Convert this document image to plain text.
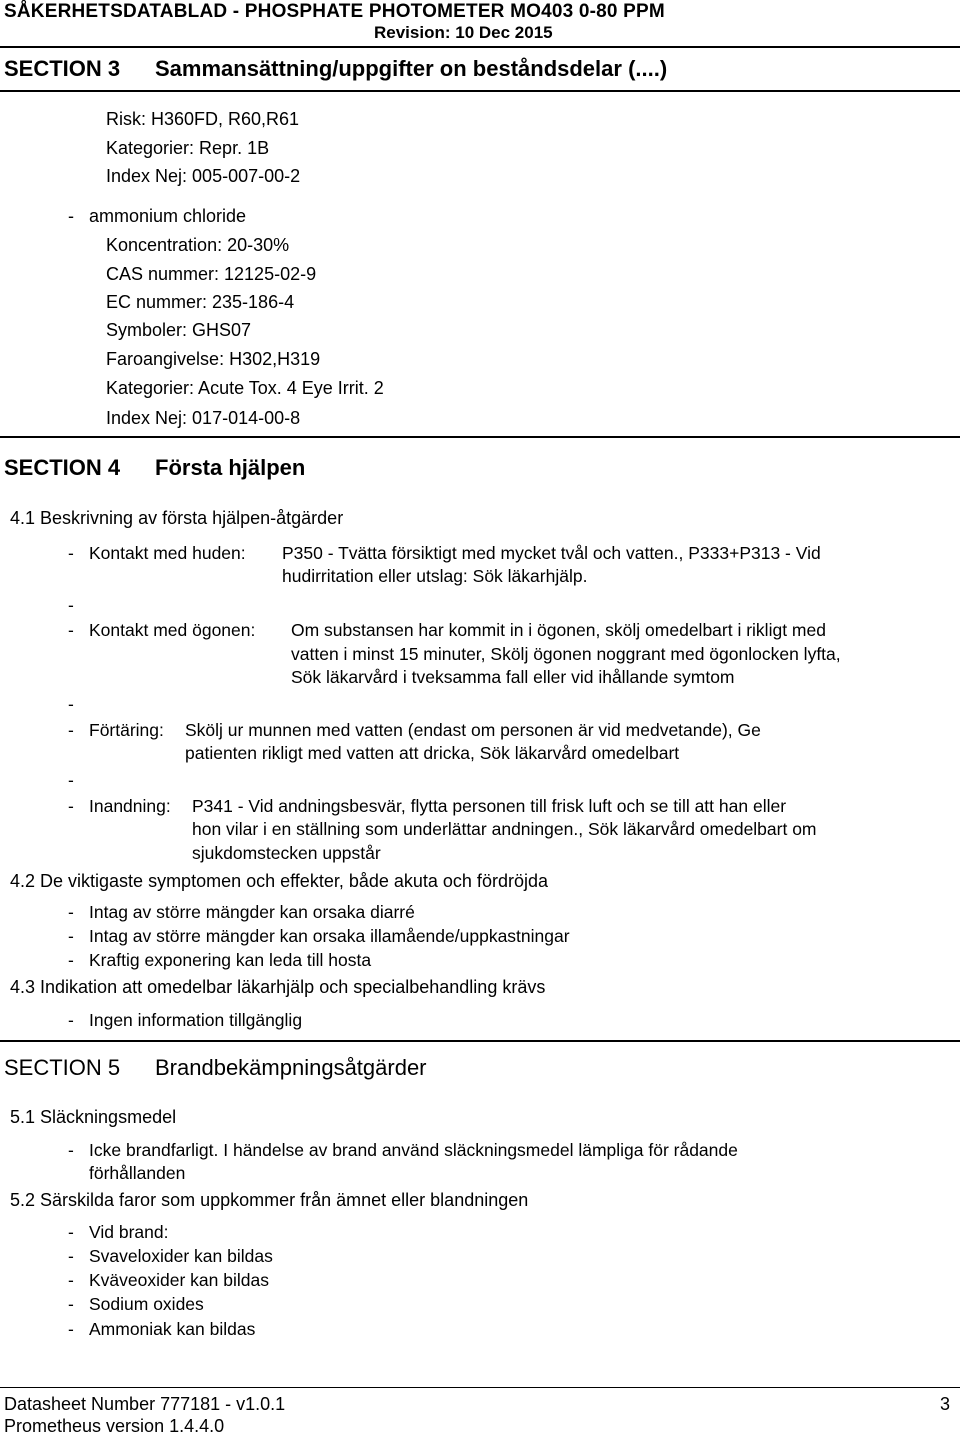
SÅKERHETSDATABLAD - PHOSPHATE PHOTOMETER MO403 0-80 PPM
Revision: 10 Dec 2015
SECTION 3 Sammansättning/uppgifter on beståndsdelar (....)
Risk: H360FD, R60,R61
Kategorier: Repr. 1B
Index Nej: 005-007-00-2
- ammonium chloride
Koncentration: 20-30%
CAS nummer: 12125-02-9
EC nummer: 235-186-4
Symboler: GHS07
Faroangivelse: H302,H319
Kategorier: Acute Tox. 4 Eye Irrit. 2
Index Nej: 017-014-00-8
SECTION 4 Första hjälpen
4.1 Beskrivning av första hjälpen-åtgärder
- Kontakt med huden: P350 - Tvätta försiktigt med mycket tvål och vatten., P333+P313 - Vid
hudirritation eller utslag: Sök läkarhjälp.
-
- Kontakt med ögonen: Om substansen har kommit in i ögonen, skölj omedelbart i rikligt med
vatten i minst 15 minuter, Skölj ögonen noggrant med ögonlocken lyfta,
Sök läkarvård i tveksamma fall eller vid ihållande symtom
-
- Förtäring: Skölj ur munnen med vatten (endast om personen är vid medvetande), Ge
patienten rikligt med vatten att dricka, Sök läkarvård omedelbart
-
- Inandning: P341 - Vid andningsbesvär, flytta personen till frisk luft och se till att han eller
hon vilar i en ställning som underlättar andningen., Sök läkarvård omedelbart om
sjukdomstecken uppstår
4.2 De viktigaste symptomen och effekter, både akuta och fördröjda
- Intag av större mängder kan orsaka diarré
- Intag av större mängder kan orsaka illamående/uppkastningar
- Kraftig exponering kan leda till hosta
4.3 Indikation att omedelbar läkarhjälp och specialbehandling krävs
- Ingen information tillgänglig
SECTION 5 Brandbekämpningsåtgärder
5.1 Släckningsmedel
- Icke brandfarligt. I händelse av brand använd släckningsmedel lämpliga för rådande
förhållanden
5.2 Särskilda faror som uppkommer från ämnet eller blandningen
- Vid brand:
- Svaveloxider kan bildas
- Kväveoxider kan bildas
- Sodium oxides
- Ammoniak kan bildas
Datasheet Number 777181 - v1.0.1
Prometheus version 1.4.4.0
3
